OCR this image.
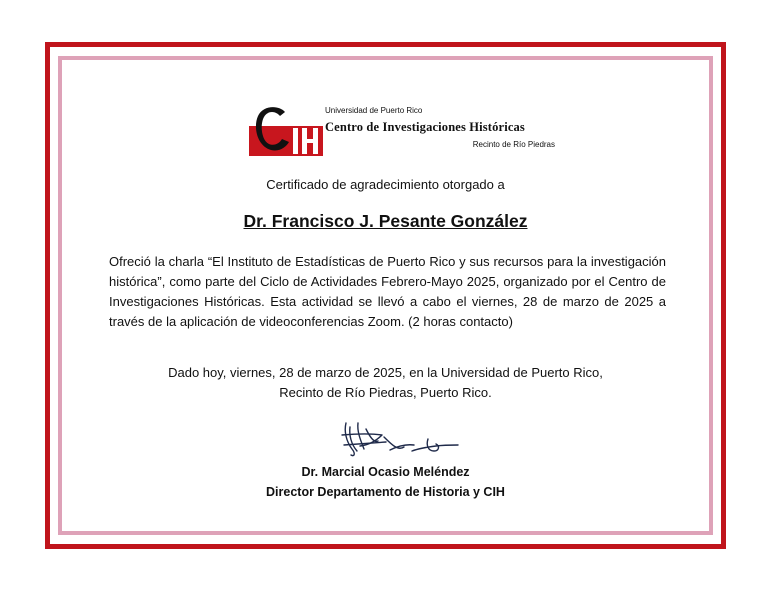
Universidad de Puerto Rico
Centro de Investigaciones Históricas
Recinto de Río Piedras
Certificado de agradecimiento otorgado a
Dr. Francisco J. Pesante González
Ofreció la charla “El Instituto de Estadísticas de Puerto Rico y sus recursos para la investigación histórica”, como parte del Ciclo de Actividades Febrero-Mayo 2025, organizado por el Centro de Investigaciones Históricas. Esta actividad se llevó a cabo el viernes, 28 de marzo de 2025 a través de la aplicación de videoconferencias Zoom. (2 horas contacto)
Dado hoy, viernes, 28 de marzo de 2025, en la Universidad de Puerto Rico,
Recinto de Río Piedras, Puerto Rico.
Dr. Marcial Ocasio Meléndez
Director Departamento de Historia y CIH
